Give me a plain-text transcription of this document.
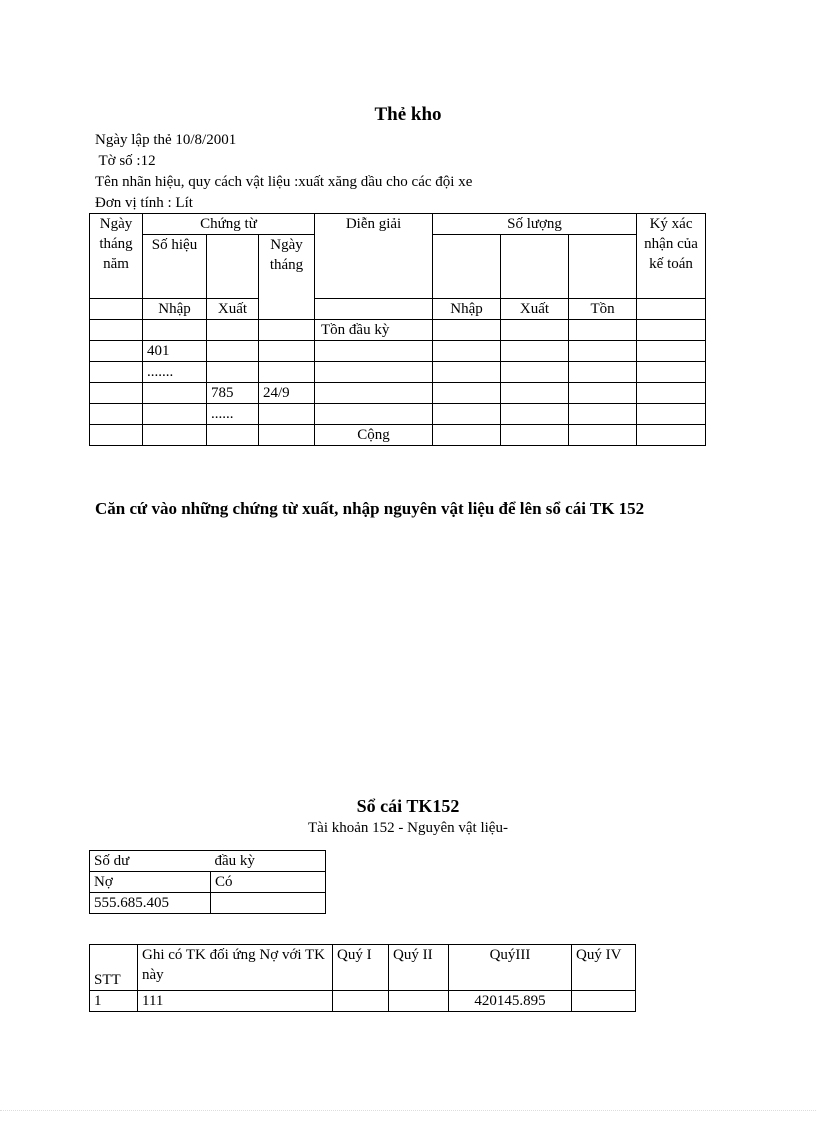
Thẻ kho
Ngày lập thẻ 10/8/2001
Tờ số :12
Tên nhãn hiệu, quy cách vật liệu :xuất xăng dầu cho các đội xe
Đơn vị tính : Lít
Ngày tháng năm	Chứng từ			Diễn giải	Số lượng			Ký xác nhận của kế toán
	Số hiệu		Ngày tháng					
	Nhập	Xuất			Nhập	Xuất	Tồn	
				Tồn đầu kỳ				
	401							
	.......							
		785	24/9					
		......						
				Cộng				
Căn cứ vào những chứng từ xuất, nhập nguyên vật liệu để lên sổ cái TK 152
Sổ cái TK152
Tài khoản 152 - Nguyên vật liệu-
Số dư	đầu kỳ
Nợ	Có
555.685.405	
STT	Ghi có TK đối ứng Nợ với TK này	Quý I	Quý II	QuýIII	Quý IV
1	111			420145.895	
